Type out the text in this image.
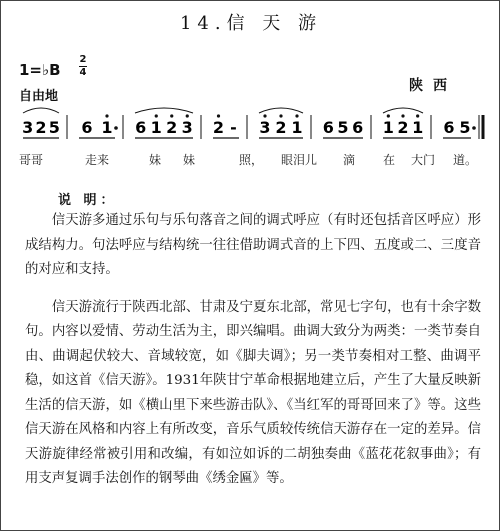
14.信 天 游
1=♭B
2
4
自由地
陕西
3 2 5 6 1 6 1 2 3 2 - 3 2 1 6 5 6 1 2 1 6 5
哥哥	走来	妹 妹	照， 眼泪儿 滴 在 大门 道。
说 明：

信天游多通过乐句与乐句落音之间的调式呼应（有时还包括音区呼应）形成结构力。句法呼应与结构统一往往借助调式音的上下四、五度或二、三度音的对应和支持。

信天游流行于陕西北部、甘肃及宁夏东北部，常见七字句，也有十余字数句。内容以爱情、劳动生活为主，即兴编唱。曲调大致分为两类：一类节奏自由、曲调起伏较大、音域较宽，如《脚夫调》；另一类节奏相对工整、曲调平稳，如这首《信天游》。1931年陕甘宁革命根据地建立后，产生了大量反映新生活的信天游，如《横山里下来些游击队》、《当红军的哥哥回来了》等。这些信天游在风格和内容上有所改变，音乐气质较传统信天游存在一定的差异。信天游旋律经常被引用和改编，有如泣如诉的二胡独奏曲《蓝花花叙事曲》；有用支声复调手法创作的钢琴曲《绣金匾》等。
